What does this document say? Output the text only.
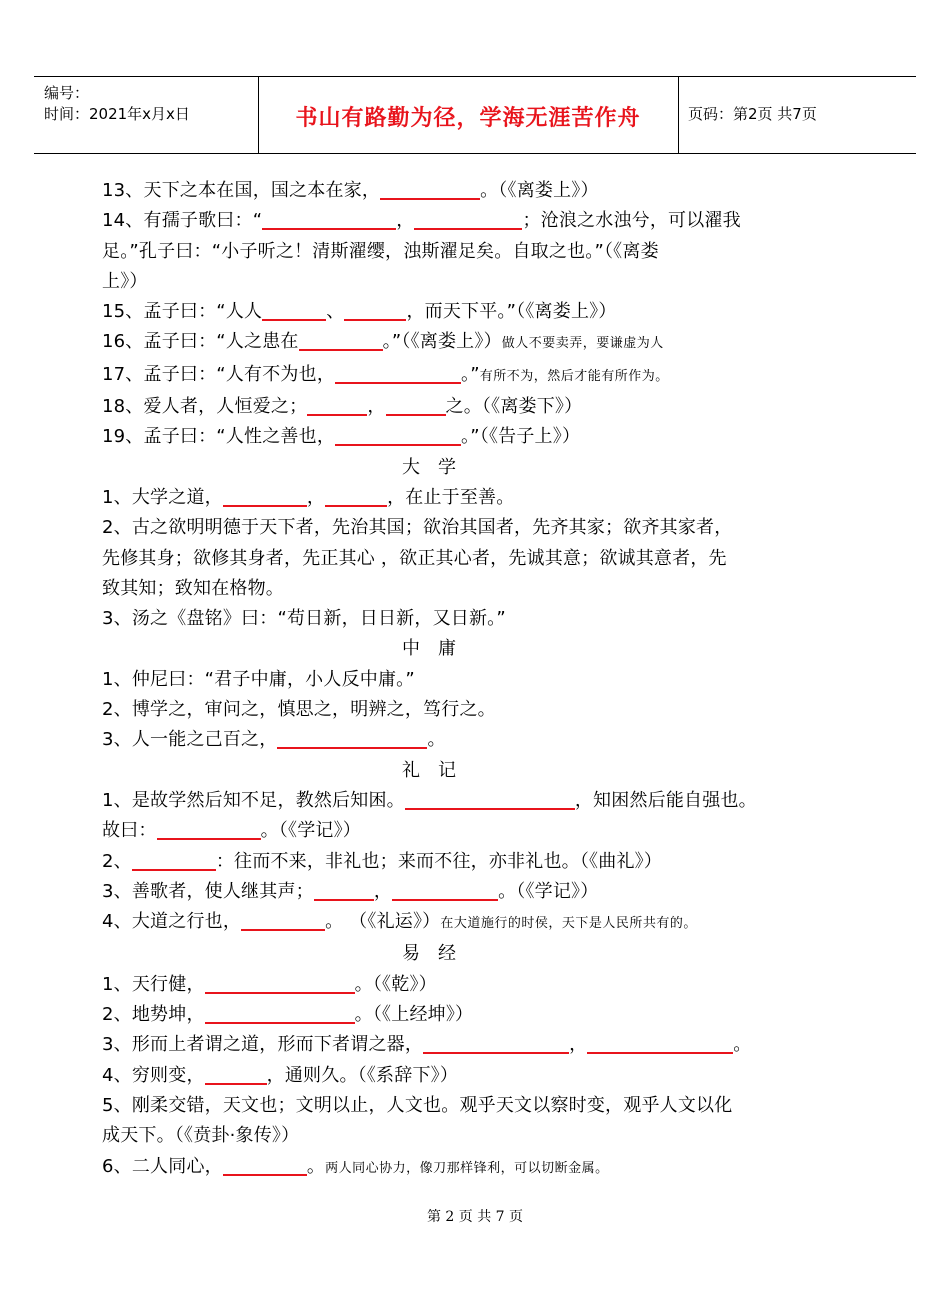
编号：
时间：2021年x月x日	书山有路勤为径，学海无涯苦作舟	页码：第2页 共7页
13、天下之本在国，国之本在家，	。（《离娄上》）
14、有孺子歌曰：“	，	；沧浪之水浊兮，可以濯我
足。”孔子曰：“小子听之！清斯濯缨，浊斯濯足矣。自取之也。”（《离娄
上》）
15、孟子曰：“人人	、	，而天下平。”（《离娄上》）
16、孟子曰：“人之患在	。”（《离娄上》）做人不要卖弄，要谦虚为人
17、孟子曰：“人有不为也，	。”有所不为，然后才能有所作为。
18、爱人者，人恒爱之；	，	之。（《离娄下》）
19、孟子曰：“人性之善也，	。”（《告子上》）
大学
1、大学之道，	，	，在止于至善。
2、古之欲明明德于天下者，先治其国；欲治其国者，先齐其家；欲齐其家者，
先修其身；欲修其身者，先正其心 ，欲正其心者，先诚其意；欲诚其意者，先
致其知；致知在格物。
3、汤之《盘铭》曰：“苟日新，日日新，又日新。”
中庸
1、仲尼曰：“君子中庸，小人反中庸。”
2、博学之，审问之，慎思之，明辨之，笃行之。
3、人一能之己百之，	。
礼记
1、是故学然后知不足，教然后知困。	，知困然后能自强也。
故曰：	。（《学记》）
2、	：往而不来，非礼也；来而不往，亦非礼也。（《曲礼》）
3、善歌者，使人继其声；	，	。（《学记》）
4、大道之行也，	。 （《礼运》）在大道施行的时侯，天下是人民所共有的。
易经
1、天行健，	。（《乾》）
2、地势坤，	。（《上经坤》）
3、形而上者谓之道，形而下者谓之器，	，	。
4、穷则变，	，通则久。（《系辞下》）
5、刚柔交错，天文也；文明以止，人文也。观乎天文以察时变，观乎人文以化
成天下。（《贲卦·象传》）
6、二人同心，	。两人同心协力，像刀那样锋利，可以切断金属。
第 2 页 共 7 页
